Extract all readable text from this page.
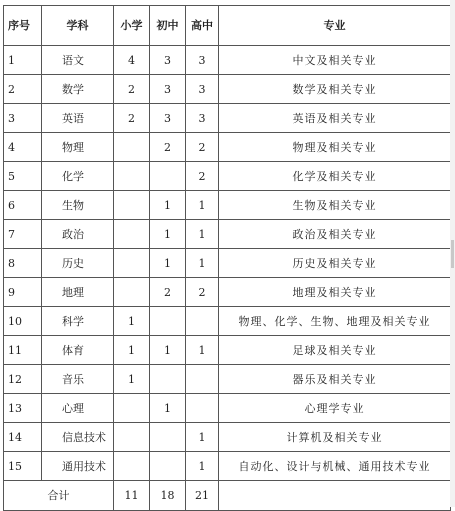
序号	学科	小学	初中	高中	专业
1	语文	4	3	3	中文及相关专业
2	数学	2	3	3	数学及相关专业
3	英语	2	3	3	英语及相关专业
4	物理		2	2	物理及相关专业
5	化学			2	化学及相关专业
6	生物		1	1	生物及相关专业
7	政治		1	1	政治及相关专业
8	历史		1	1	历史及相关专业
9	地理		2	2	地理及相关专业
10	科学	1			物理、化学、生物、地理及相关专业
11	体育	1	1	1	足球及相关专业
12	音乐	1			器乐及相关专业
13	心理		1		心理学专业
14	信息技术			1	计算机及相关专业
15	通用技术			1	自动化、设计与机械、通用技术专业
合计		11	18	21	
